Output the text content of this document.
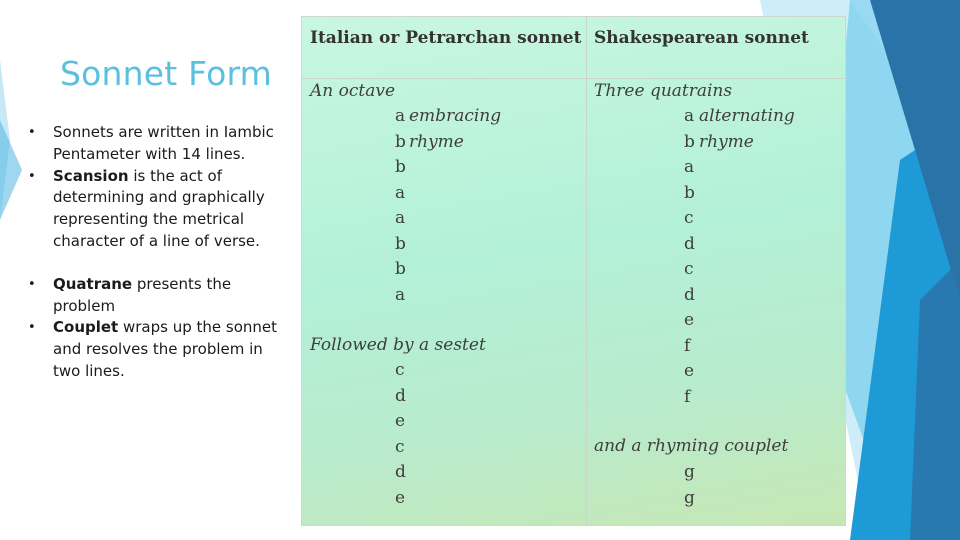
Sonnet Form
• Sonnets are written in Iambic Pentameter with 14 lines.
• Scansion is the act of determining and graphically representing the metrical character of a line of verse.
• Quatrane presents the problem
• Couplet wraps up the sonnet and resolves the problem in two lines.
Italian or Petrarchan sonnet Shakespearean sonnet
An octave
embracing
rhyme
a
b
b
a
a
b
b
a
Followed by a sestet
c
d
e
c
d
e
Three quatrains
alternating
rhyme
a
b
a
b
c
d
c
d
e
f
e
f
and a rhyming couplet
g
g
